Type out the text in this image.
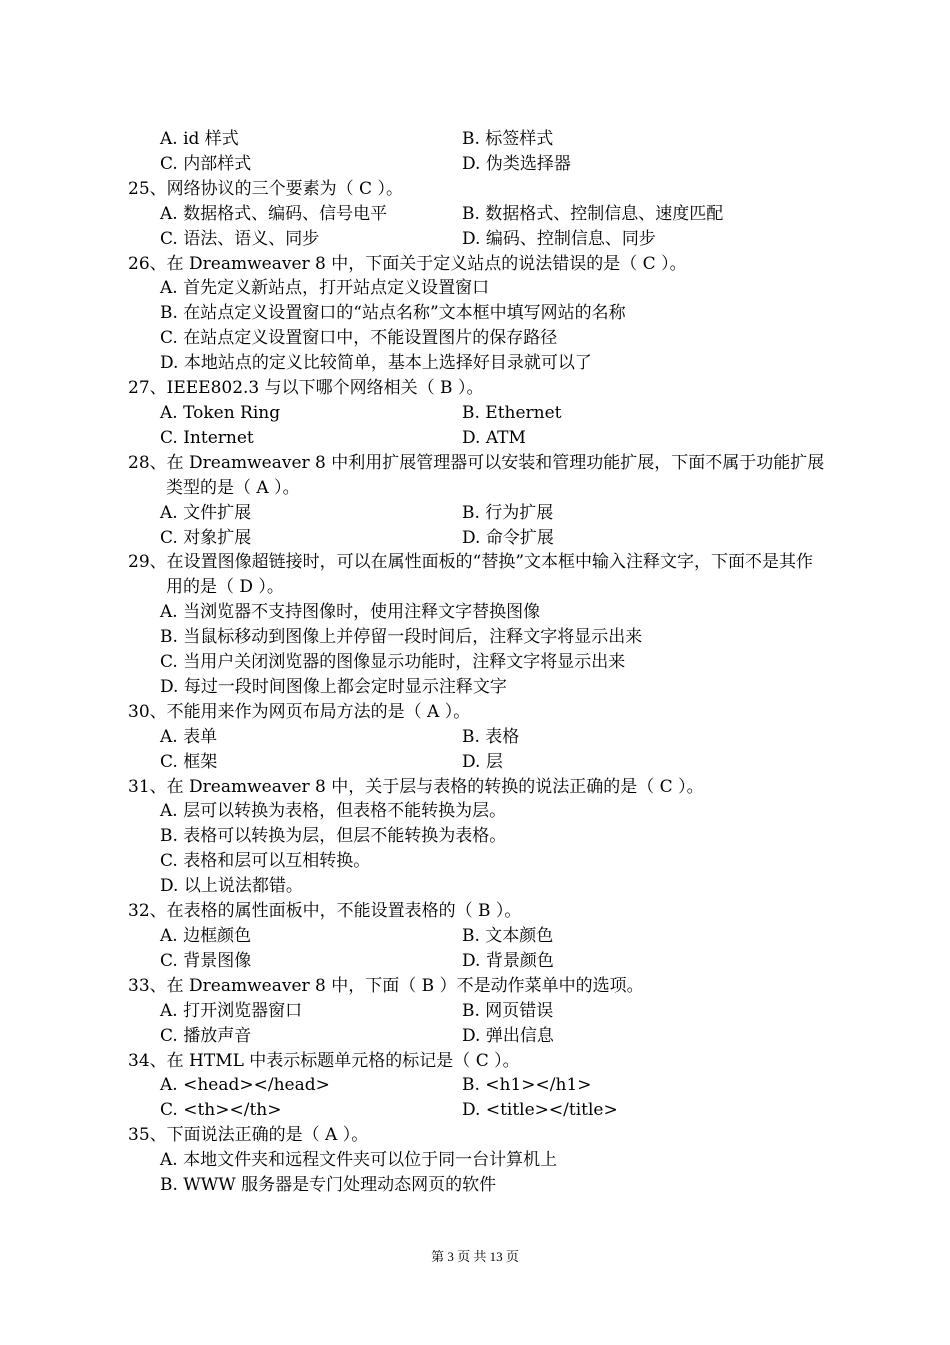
A. id 样式	B. 标签样式
C. 内部样式	D. 伪类选择器

25、网络协议的三个要素为（ C ）。

A. 数据格式、编码、信号电平	B. 数据格式、控制信息、速度匹配
C. 语法、语义、同步	D. 编码、控制信息、同步

26、在 Dreamweaver 8 中，下面关于定义站点的说法错误的是（ C ）。

A. 首先定义新站点，打开站点定义设置窗口
B. 在站点定义设置窗口的“站点名称”文本框中填写网站的名称
C. 在站点定义设置窗口中，不能设置图片的保存路径
D. 本地站点的定义比较简单，基本上选择好目录就可以了

27、IEEE802.3 与以下哪个网络相关（ B ）。

A. Token Ring	B. Ethernet
C. Internet	D. ATM

28、在 Dreamweaver 8 中利用扩展管理器可以安装和管理功能扩展，下面不属于功能扩展类型的是（ A ）。

A. 文件扩展	B. 行为扩展
C. 对象扩展	D. 命令扩展

29、在设置图像超链接时，可以在属性面板的“替换”文本框中输入注释文字，下面不是其作用的是（ D ）。

A. 当浏览器不支持图像时，使用注释文字替换图像
B. 当鼠标移动到图像上并停留一段时间后，注释文字将显示出来
C. 当用户关闭浏览器的图像显示功能时，注释文字将显示出来
D. 每过一段时间图像上都会定时显示注释文字

30、不能用来作为网页布局方法的是（ A ）。

A. 表单	B. 表格
C. 框架	D. 层

31、在 Dreamweaver 8 中，关于层与表格的转换的说法正确的是（ C ）。

A. 层可以转换为表格，但表格不能转换为层。
B. 表格可以转换为层，但层不能转换为表格。
C. 表格和层可以互相转换。
D. 以上说法都错。

32、在表格的属性面板中，不能设置表格的（ B ）。

A. 边框颜色	B. 文本颜色
C. 背景图像	D. 背景颜色

33、在 Dreamweaver 8 中，下面（ B ）不是动作菜单中的选项。

A. 打开浏览器窗口	B. 网页错误
C. 播放声音	D. 弹出信息

34、在 HTML 中表示标题单元格的标记是（ C ）。

A. <head></head>	B. <h1></h1>
C. <th></th>	D. <title></title>

35、下面说法正确的是（ A ）。

A. 本地文件夹和远程文件夹可以位于同一台计算机上
B. WWW 服务器是专门处理动态网页的软件
第 3 页 共 13 页
